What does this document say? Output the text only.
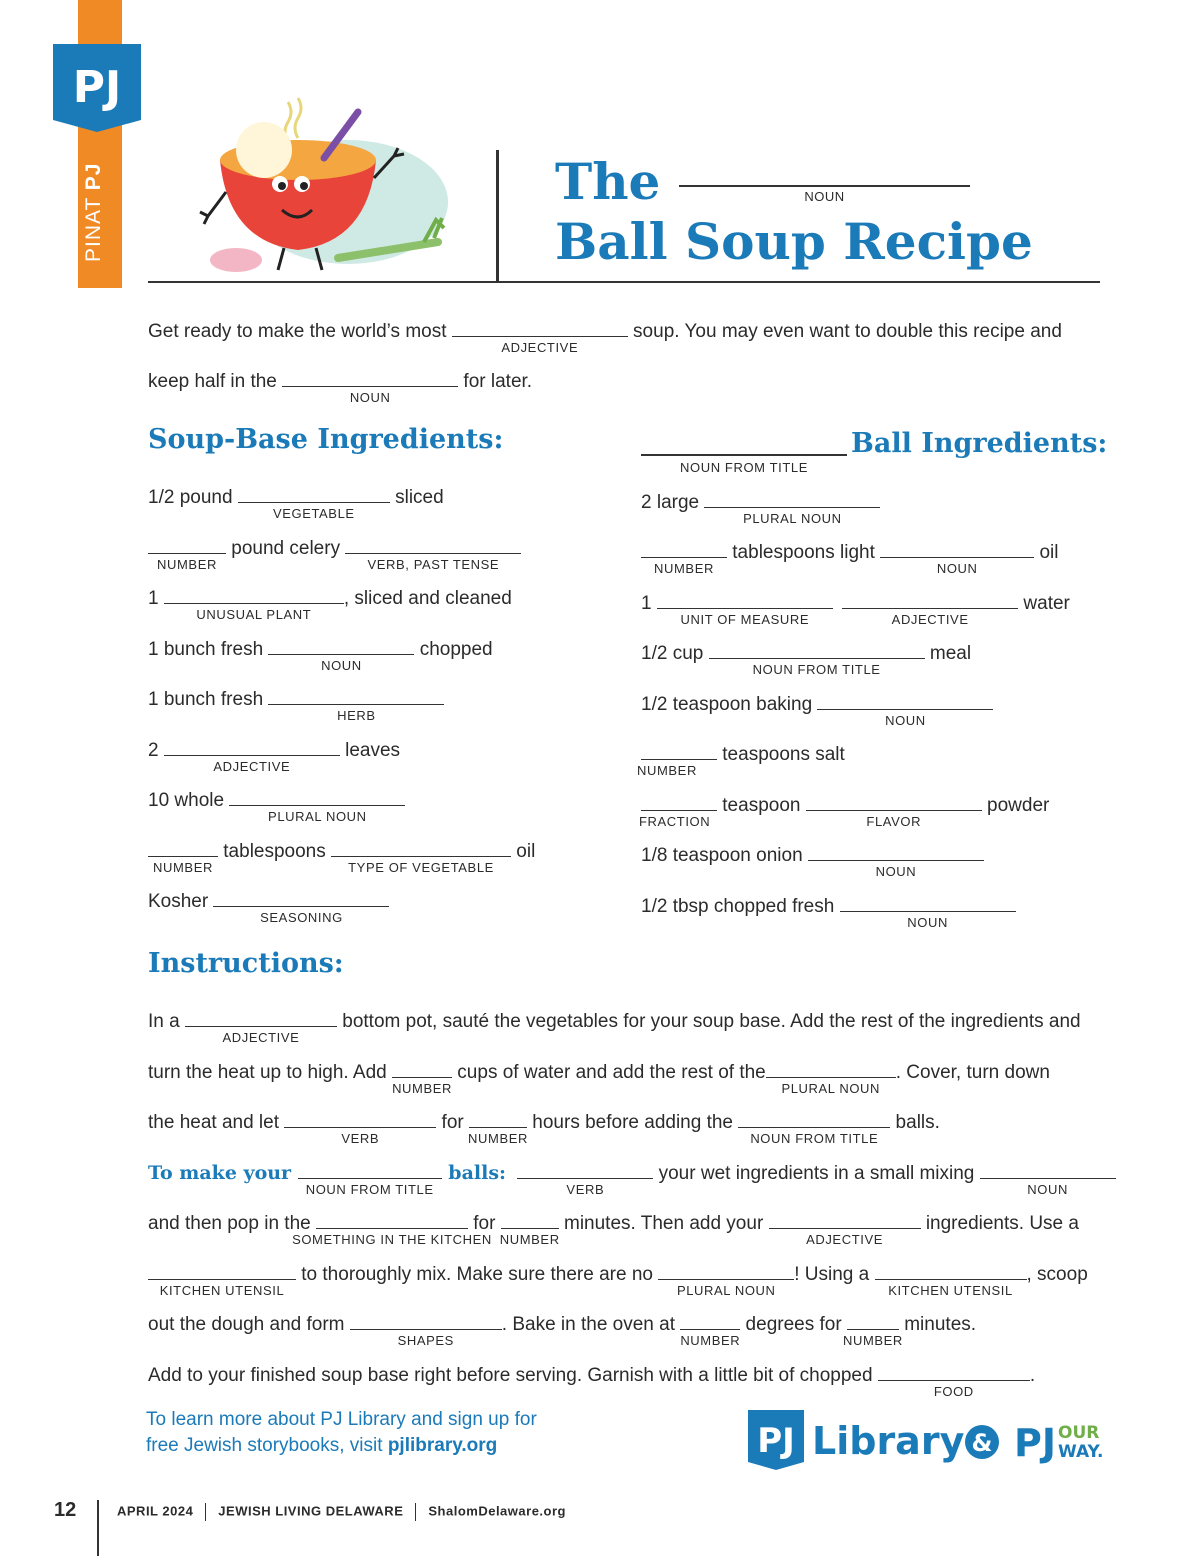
PINAT PJ
PJ
The	NOUN
Ball Soup Recipe
Get ready to make the world’s most
ADJECTIVE
soup. You may even want to double this recipe and
keep half in the
NOUN
for later.
Soup-Base Ingredients:
1/2 pound
VEGETABLE
sliced
NUMBER
pound celery
VERB, PAST TENSE
1
UNUSUAL PLANT
, sliced and cleaned
1 bunch fresh
NOUN
chopped
1 bunch fresh
HERB
2
ADJECTIVE
leaves
10 whole
PLURAL NOUN
NUMBER
tablespoons
TYPE OF VEGETABLE
oil
Kosher
SEASONING
NOUN FROM TITLE
Ball Ingredients:
2 large
PLURAL NOUN
NUMBER
tablespoons light
NOUN
oil
1
UNIT OF MEASURE
	ADJECTIVE
water
1/2 cup
NOUN FROM TITLE
meal
1/2 teaspoon baking
NOUN
NUMBER
teaspoons salt
FRACTION
teaspoon
FLAVOR
powder
1/8 teaspoon onion
NOUN
1/2 tbsp chopped fresh
NOUN
Instructions:
In a
ADJECTIVE
bottom pot, sauté the vegetables for your soup base. Add the rest of the ingredients and
turn the heat up to high. Add
NUMBER
cups of water and add the rest of the
PLURAL NOUN
. Cover, turn down
the heat and let
VERB
for
NUMBER
hours before adding the
NOUN FROM TITLE
balls.
To make your
NOUN FROM TITLE
balls:
VERB
your wet ingredients in a small mixing
NOUN
and then pop in the
SOMETHING IN THE KITCHEN
for
NUMBER
minutes. Then add your
ADJECTIVE
ingredients. Use a
KITCHEN UTENSIL
to thoroughly mix. Make sure there are no
PLURAL NOUN
! Using a
KITCHEN UTENSIL
, scoop
out the dough and form
SHAPES
. Bake in the oven at
NUMBER
degrees for
NUMBER
minutes.
Add to your finished soup base right before serving. Garnish with a little bit of chopped
FOOD
.
To learn more about PJ Library and sign up for
free Jewish storybooks, visit pjlibrary.org	PJ Library & PJ OUR
WAY.
12	APRIL 2024 JEWISH LIVING DELAWARE ShalomDelaware.org
